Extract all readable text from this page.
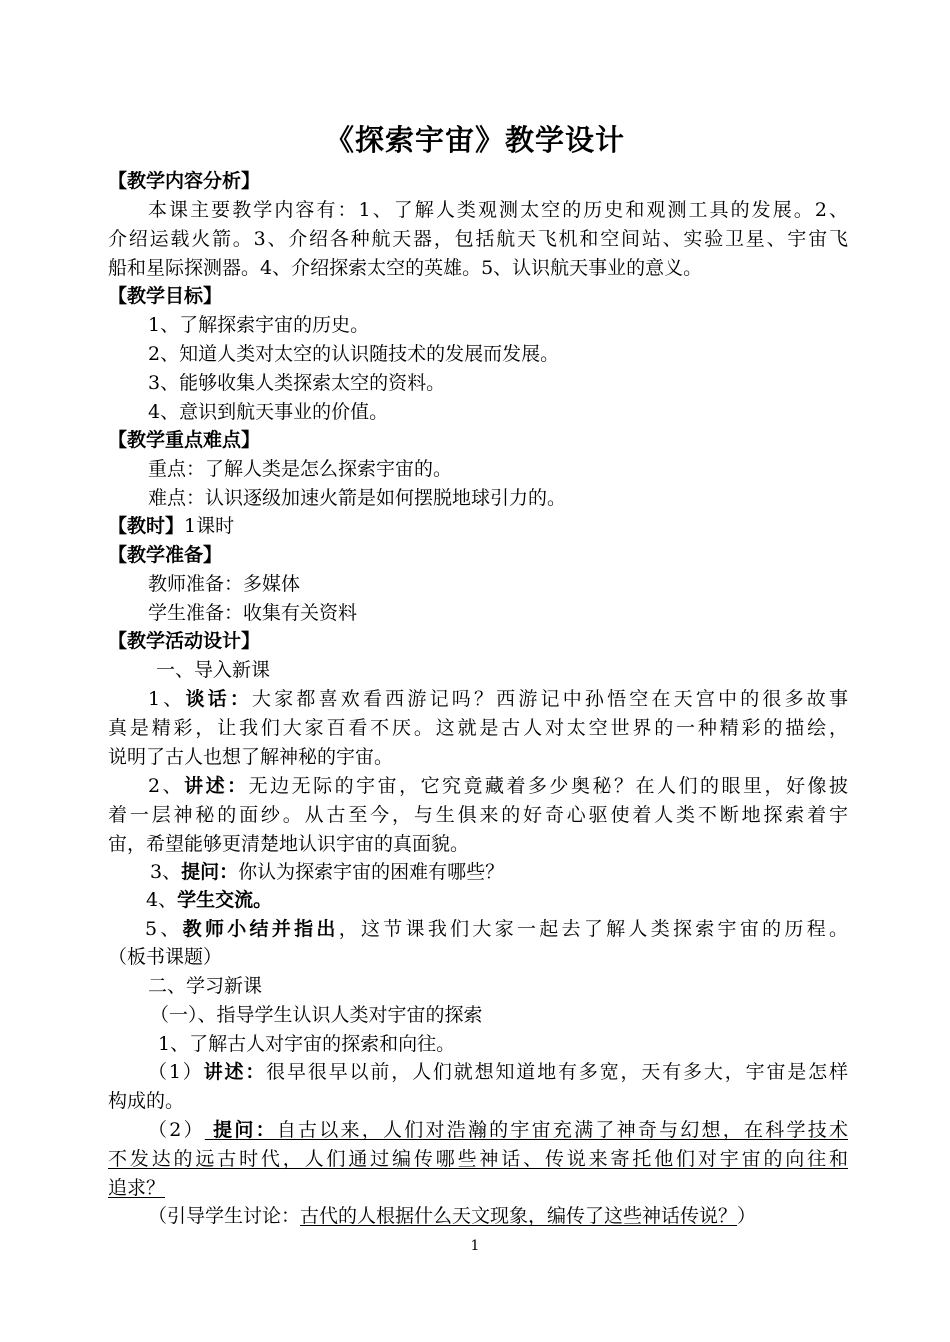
《探索宇宙》教学设计
【教学内容分析】
本课主要教学内容有：1、了解人类观测太空的历史和观测工具的发展。2、
介绍运载火箭。3、介绍各种航天器，包括航天飞机和空间站、实验卫星、宇宙飞
船和星际探测器。4、介绍探索太空的英雄。5、认识航天事业的意义。
【教学目标】
1、了解探索宇宙的历史。
2、知道人类对太空的认识随技术的发展而发展。
3、能够收集人类探索太空的资料。
4、意识到航天事业的价值。
【教学重点难点】
重点：了解人类是怎么探索宇宙的。
难点：认识逐级加速火箭是如何摆脱地球引力的。
【教时】1课时
【教学准备】
教师准备：多媒体
学生准备：收集有关资料
【教学活动设计】
一、导入新课
1、谈话：大家都喜欢看西游记吗？西游记中孙悟空在天宫中的很多故事
真是精彩，让我们大家百看不厌。这就是古人对太空世界的一种精彩的描绘，
说明了古人也想了解神秘的宇宙。
2、讲述：无边无际的宇宙，它究竟藏着多少奥秘？在人们的眼里，好像披
着一层神秘的面纱。从古至今，与生俱来的好奇心驱使着人类不断地探索着宇
宙，希望能够更清楚地认识宇宙的真面貌。
3、提问：你认为探索宇宙的困难有哪些？
4、学生交流。
5、教师小结并指出，这节课我们大家一起去了解人类探索宇宙的历程。
（板书课题）
二、学习新课
（一）、指导学生认识人类对宇宙的探索
1、了解古人对宇宙的探索和向往。
（1）讲述：很早很早以前，人们就想知道地有多宽，天有多大，宇宙是怎样
构成的。
（2） 提问：自古以来，人们对浩瀚的宇宙充满了神奇与幻想，在科学技术
不发达的远古时代，人们通过编传哪些神话、传说来寄托他们对宇宙的向往和
追求？
（引导学生讨论：古代的人根据什么天文现象，编传了这些神话传说？）
1
